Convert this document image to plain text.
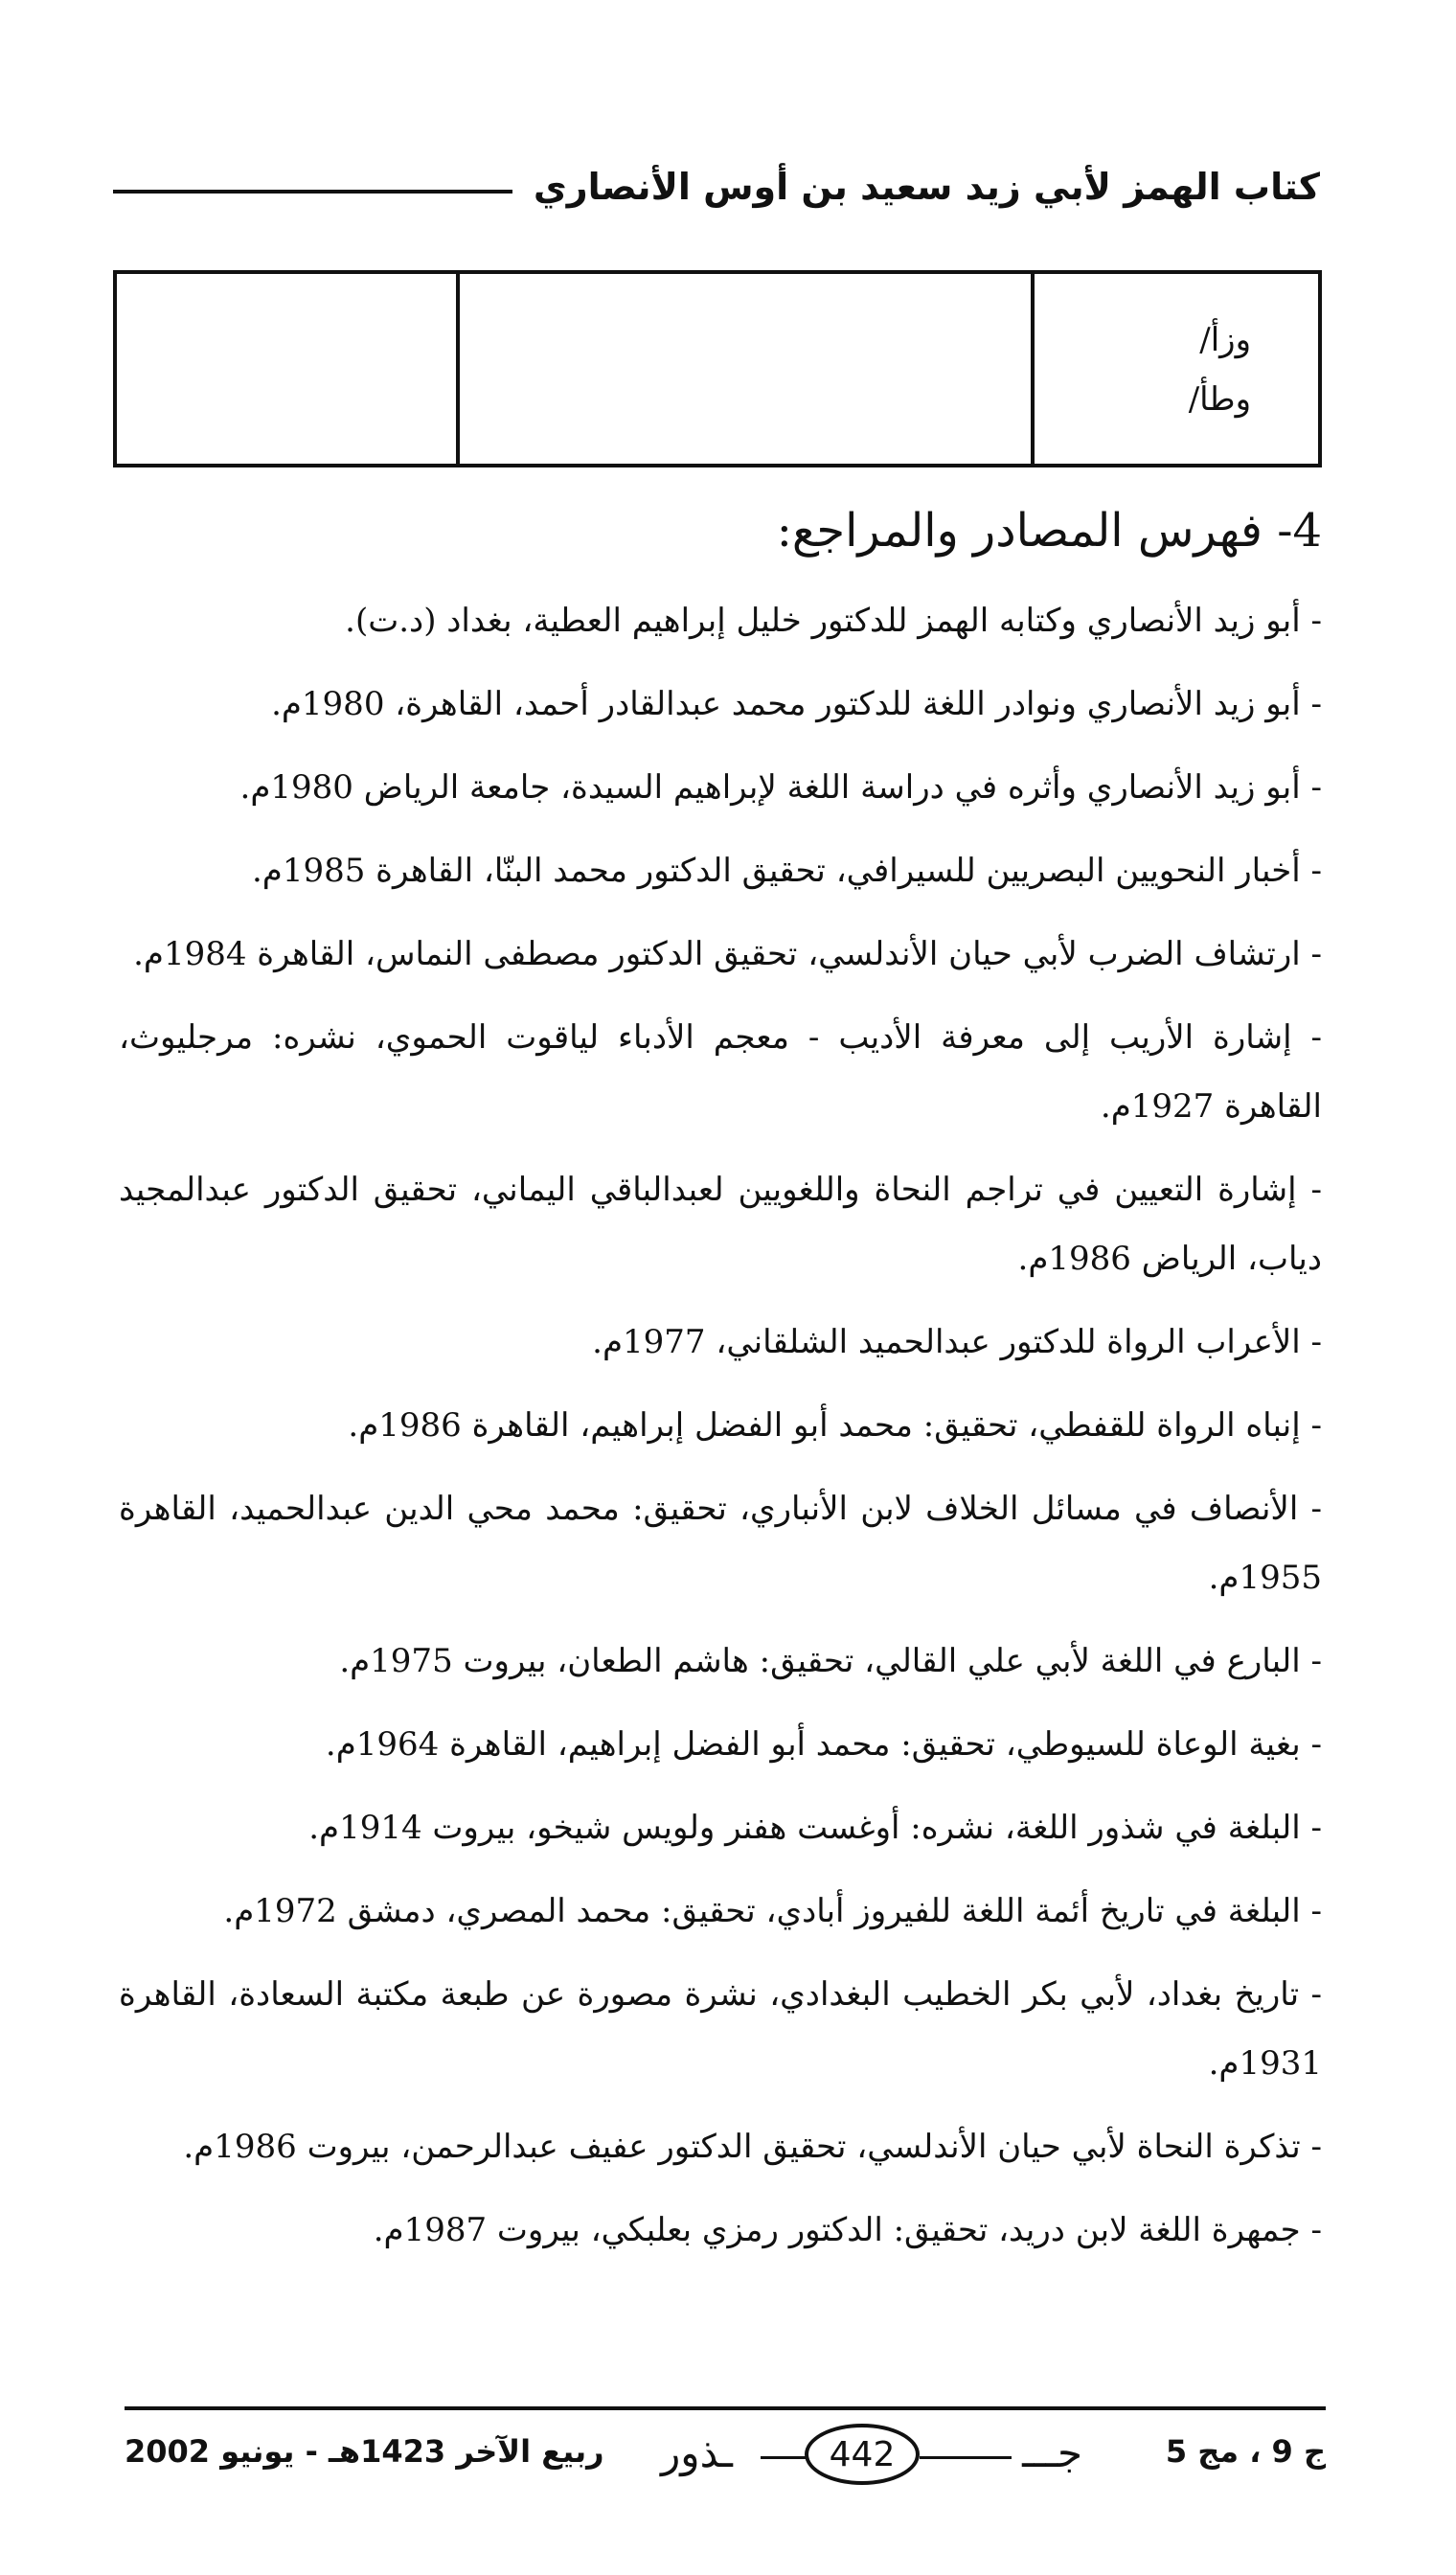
كتاب الهمز لأبي زيد سعيد بن أوس الأنصاري
وزأ/
وطأ/
4- فهرس المصادر والمراجع:

- أبو زيد الأنصاري وكتابه الهمز للدكتور خليل إبراهيم العطية، بغداد (د.ت).

- أبو زيد الأنصاري ونوادر اللغة للدكتور محمد عبدالقادر أحمد، القاهرة، 1980م.

- أبو زيد الأنصاري وأثره في دراسة اللغة لإبراهيم السيدة، جامعة الرياض 1980م.

- أخبار النحويين البصريين للسيرافي، تحقيق الدكتور محمد البنّا، القاهرة 1985م.

- ارتشاف الضرب لأبي حيان الأندلسي، تحقيق الدكتور مصطفى النماس، القاهرة 1984م.

- إشارة الأريب إلى معرفة الأديب - معجم الأدباء لياقوت الحموي، نشره: مرجليوث، القاهرة 1927م.

- إشارة التعيين في تراجم النحاة واللغويين لعبدالباقي اليماني، تحقيق الدكتور عبدالمجيد دياب، الرياض 1986م.

- الأعراب الرواة للدكتور عبدالحميد الشلقاني، 1977م.

- إنباه الرواة للقفطي، تحقيق: محمد أبو الفضل إبراهيم، القاهرة 1986م.

- الأنصاف في مسائل الخلاف لابن الأنباري، تحقيق: محمد محي الدين عبدالحميد، القاهرة 1955م.

- البارع في اللغة لأبي علي القالي، تحقيق: هاشم الطعان، بيروت 1975م.

- بغية الوعاة للسيوطي، تحقيق: محمد أبو الفضل إبراهيم، القاهرة 1964م.

- البلغة في شذور اللغة، نشره: أوغست هفنر ولويس شيخو، بيروت 1914م.

- البلغة في تاريخ أئمة اللغة للفيروز أبادي، تحقيق: محمد المصري، دمشق 1972م.

- تاريخ بغداد، لأبي بكر الخطيب البغدادي، نشرة مصورة عن طبعة مكتبة السعادة، القاهرة 1931م.

- تذكرة النحاة لأبي حيان الأندلسي، تحقيق الدكتور عفيف عبدالرحمن، بيروت 1986م.

- جمهرة اللغة لابن دريد، تحقيق: الدكتور رمزي بعلبكي، بيروت 1987م.

ج 9 ، مج 5
ـذور	442	جـــ
ربيع الآخر 1423هـ - يونيو 2002
